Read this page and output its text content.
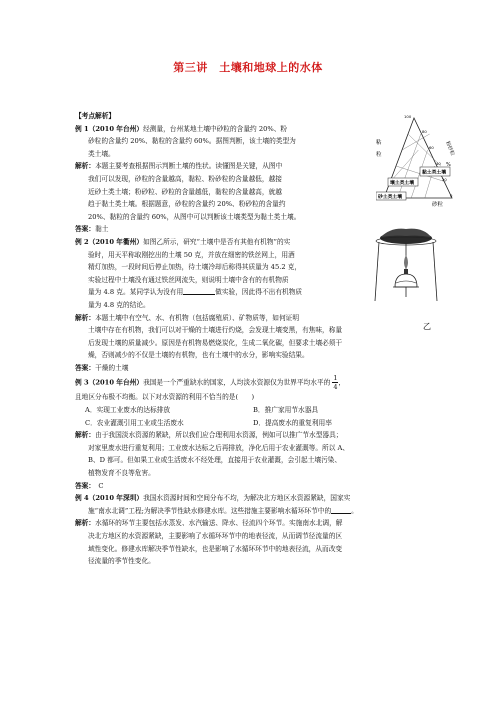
第三讲　土壤和地球上的水体

【考点解析】

例 1（2010 年台州）经测量，台州某地土壤中砂粒的含量约 20%、粉

砂粒的含量约 20%、黏粒的含量约 60%。据图判断，该土壤的类型为

类土壤。

解析：本题主要考查根据图示判断土壤的性状。读懂图是关键，从图中

我们可以发现，砂粒的含量越高，黏粒、粉砂粒的含量越低，越接

近砂土类土壤；粉砂粒、砂粒的含量越低，黏粒的含量越高，就越

趋于黏土类土壤。根据题意，砂粒的含量约 20%、粉砂粒的含量约

20%、黏粒的含量约 60%，从图中可以判断该土壤类型为黏土类土壤。

答案：黏土

例 2（2010 年衢州）如图乙所示，研究“土壤中是否有其他有机物”的实

验时，用天平称取刚挖出的土壤 50 克，并放在细密的铁丝网上，用酒

精灯加热，一段时间后停止加热，待土壤冷却后称得其质量为 45.2 克，

实验过程中土壤没有通过铁丝网流失，则说明土壤中含有的有机物质

量为 4.8 克。某同学认为没有用	做实验，因此得不出有机物质

量为 4.8 克的结论。

解析：本题土壤中有空气、水、有机物（包括腐殖质）、矿物质等，如何证明

土壤中存在有机物，我们可以对干燥的土壤进行灼烧，会发现土壤变黑，有焦味，称量

后发现土壤的质量减少。原因是有机物易燃烧炭化，生成二氧化碳，但要求土壤必须干

燥，否则减少的不仅是土壤的有机物，也有土壤中的水分，影响实验结果。

答案：干燥的土壤

例 3（2010 年台州）我国是一个严重缺水的国家，人均淡水资源仅为世界平均水平的 $\frac{1}{4}$ ，

且地区分布极不均衡。以下对水资源的利用不恰当的是(　　)

A．实现工业废水的达标排放	B．推广家用节水器具
C．农业灌溉引用工业或生活废水	D．提高废水的重复利用率

解析：由于我国淡水资源的紧缺，所以我们应合理利用水资源，例如可以推广节水型器具；

对家里废水进行重复利用；工业废水达标之后再排放，净化后用于农业灌溉等。所以 A、

B、D 都可。但如果工业或生活废水不经处理，直接用于农业灌溉，会引起土壤污染、

植物发育不良等危害。

答案：　 C

例 4（2010 年深圳）我国水资源时间和空间分布不均，为解决北方地区水资源紧缺，国家实

施“南水北调”工程;为解决季节性缺水修建水库。这些措施主要影响水循环环节中的	。

解析：水循环的环节主要包括水蒸发、水汽输送、降水、径流四个环节。实施南水北调，解

决北方地区的水资源紧缺，主要影响了水循环环节中的地表径流，从而调节径流量的区

域性变化。修建水库解决季节性缺水，也是影响了水循环环节中的地表径流，从而改变

径流量的季节性变化。

黏土类土壤
壤土类土壤
砂土类土壤
粘
粒	粉砂粒
砂粒
%
100
80
60
40
20
0
乙
